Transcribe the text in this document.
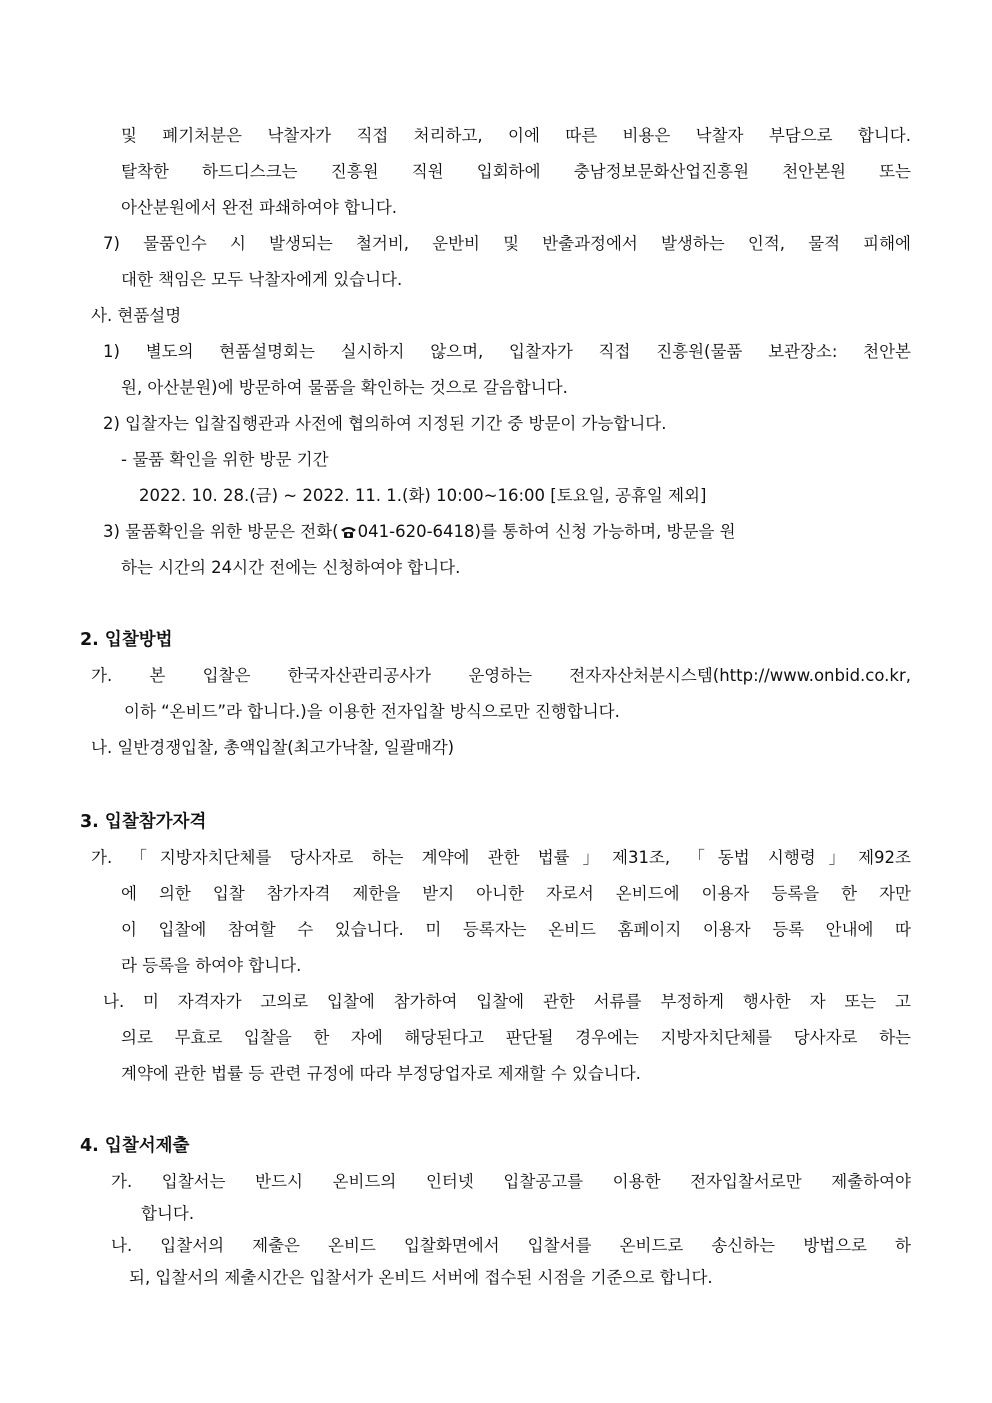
및 폐기처분은 낙찰자가 직접 처리하고, 이에 따른 비용은 낙찰자 부담으로 합니다.
탈착한 하드디스크는 진흥원 직원 입회하에 충남정보문화산업진흥원 천안본원 또는
아산분원에서 완전 파쇄하여야 합니다.
7) 물품인수 시 발생되는 철거비, 운반비 및 반출과정에서 발생하는 인적, 물적 피해에
대한 책임은 모두 낙찰자에게 있습니다.
사. 현품설명
1) 별도의 현품설명회는 실시하지 않으며, 입찰자가 직접 진흥원(물품 보관장소: 천안본
원, 아산분원)에 방문하여 물품을 확인하는 것으로 갈음합니다.
2) 입찰자는 입찰집행관과 사전에 협의하여 지정된 기간 중 방문이 가능합니다.
- 물품 확인을 위한 방문 기간
2022. 10. 28.(금) ~ 2022. 11. 1.(화) 10:00~16:00 [토요일, 공휴일 제외]
3) 물품확인을 위한 방문은 전화( 041-620-6418)를 통하여 신청 가능하며, 방문을 원
하는 시간의 24시간 전에는 신청하여야 합니다.
2. 입찰방법
가. 본 입찰은 한국자산관리공사가 운영하는 전자자산처분시스템(http://www.onbid.co.kr,
이하 “온비드”라 합니다.)을 이용한 전자입찰 방식으로만 진행합니다.
나. 일반경쟁입찰, 총액입찰(최고가낙찰, 일괄매각)
3. 입찰참가자격
가. 「지방자치단체를 당사자로 하는 계약에 관한 법률」제31조, 「동법 시행령」제92조
에 의한 입찰 참가자격 제한을 받지 아니한 자로서 온비드에 이용자 등록을 한 자만
이 입찰에 참여할 수 있습니다. 미 등록자는 온비드 홈페이지 이용자 등록 안내에 따
라 등록을 하여야 합니다.
나. 미 자격자가 고의로 입찰에 참가하여 입찰에 관한 서류를 부정하게 행사한 자 또는 고
의로 무효로 입찰을 한 자에 해당된다고 판단될 경우에는 지방자치단체를 당사자로 하는
계약에 관한 법률 등 관련 규정에 따라 부정당업자로 제재할 수 있습니다.
4. 입찰서제출
가. 입찰서는 반드시 온비드의 인터넷 입찰공고를 이용한 전자입찰서로만 제출하여야
합니다.
나. 입찰서의 제출은 온비드 입찰화면에서 입찰서를 온비드로 송신하는 방법으로 하
되, 입찰서의 제출시간은 입찰서가 온비드 서버에 접수된 시점을 기준으로 합니다.
